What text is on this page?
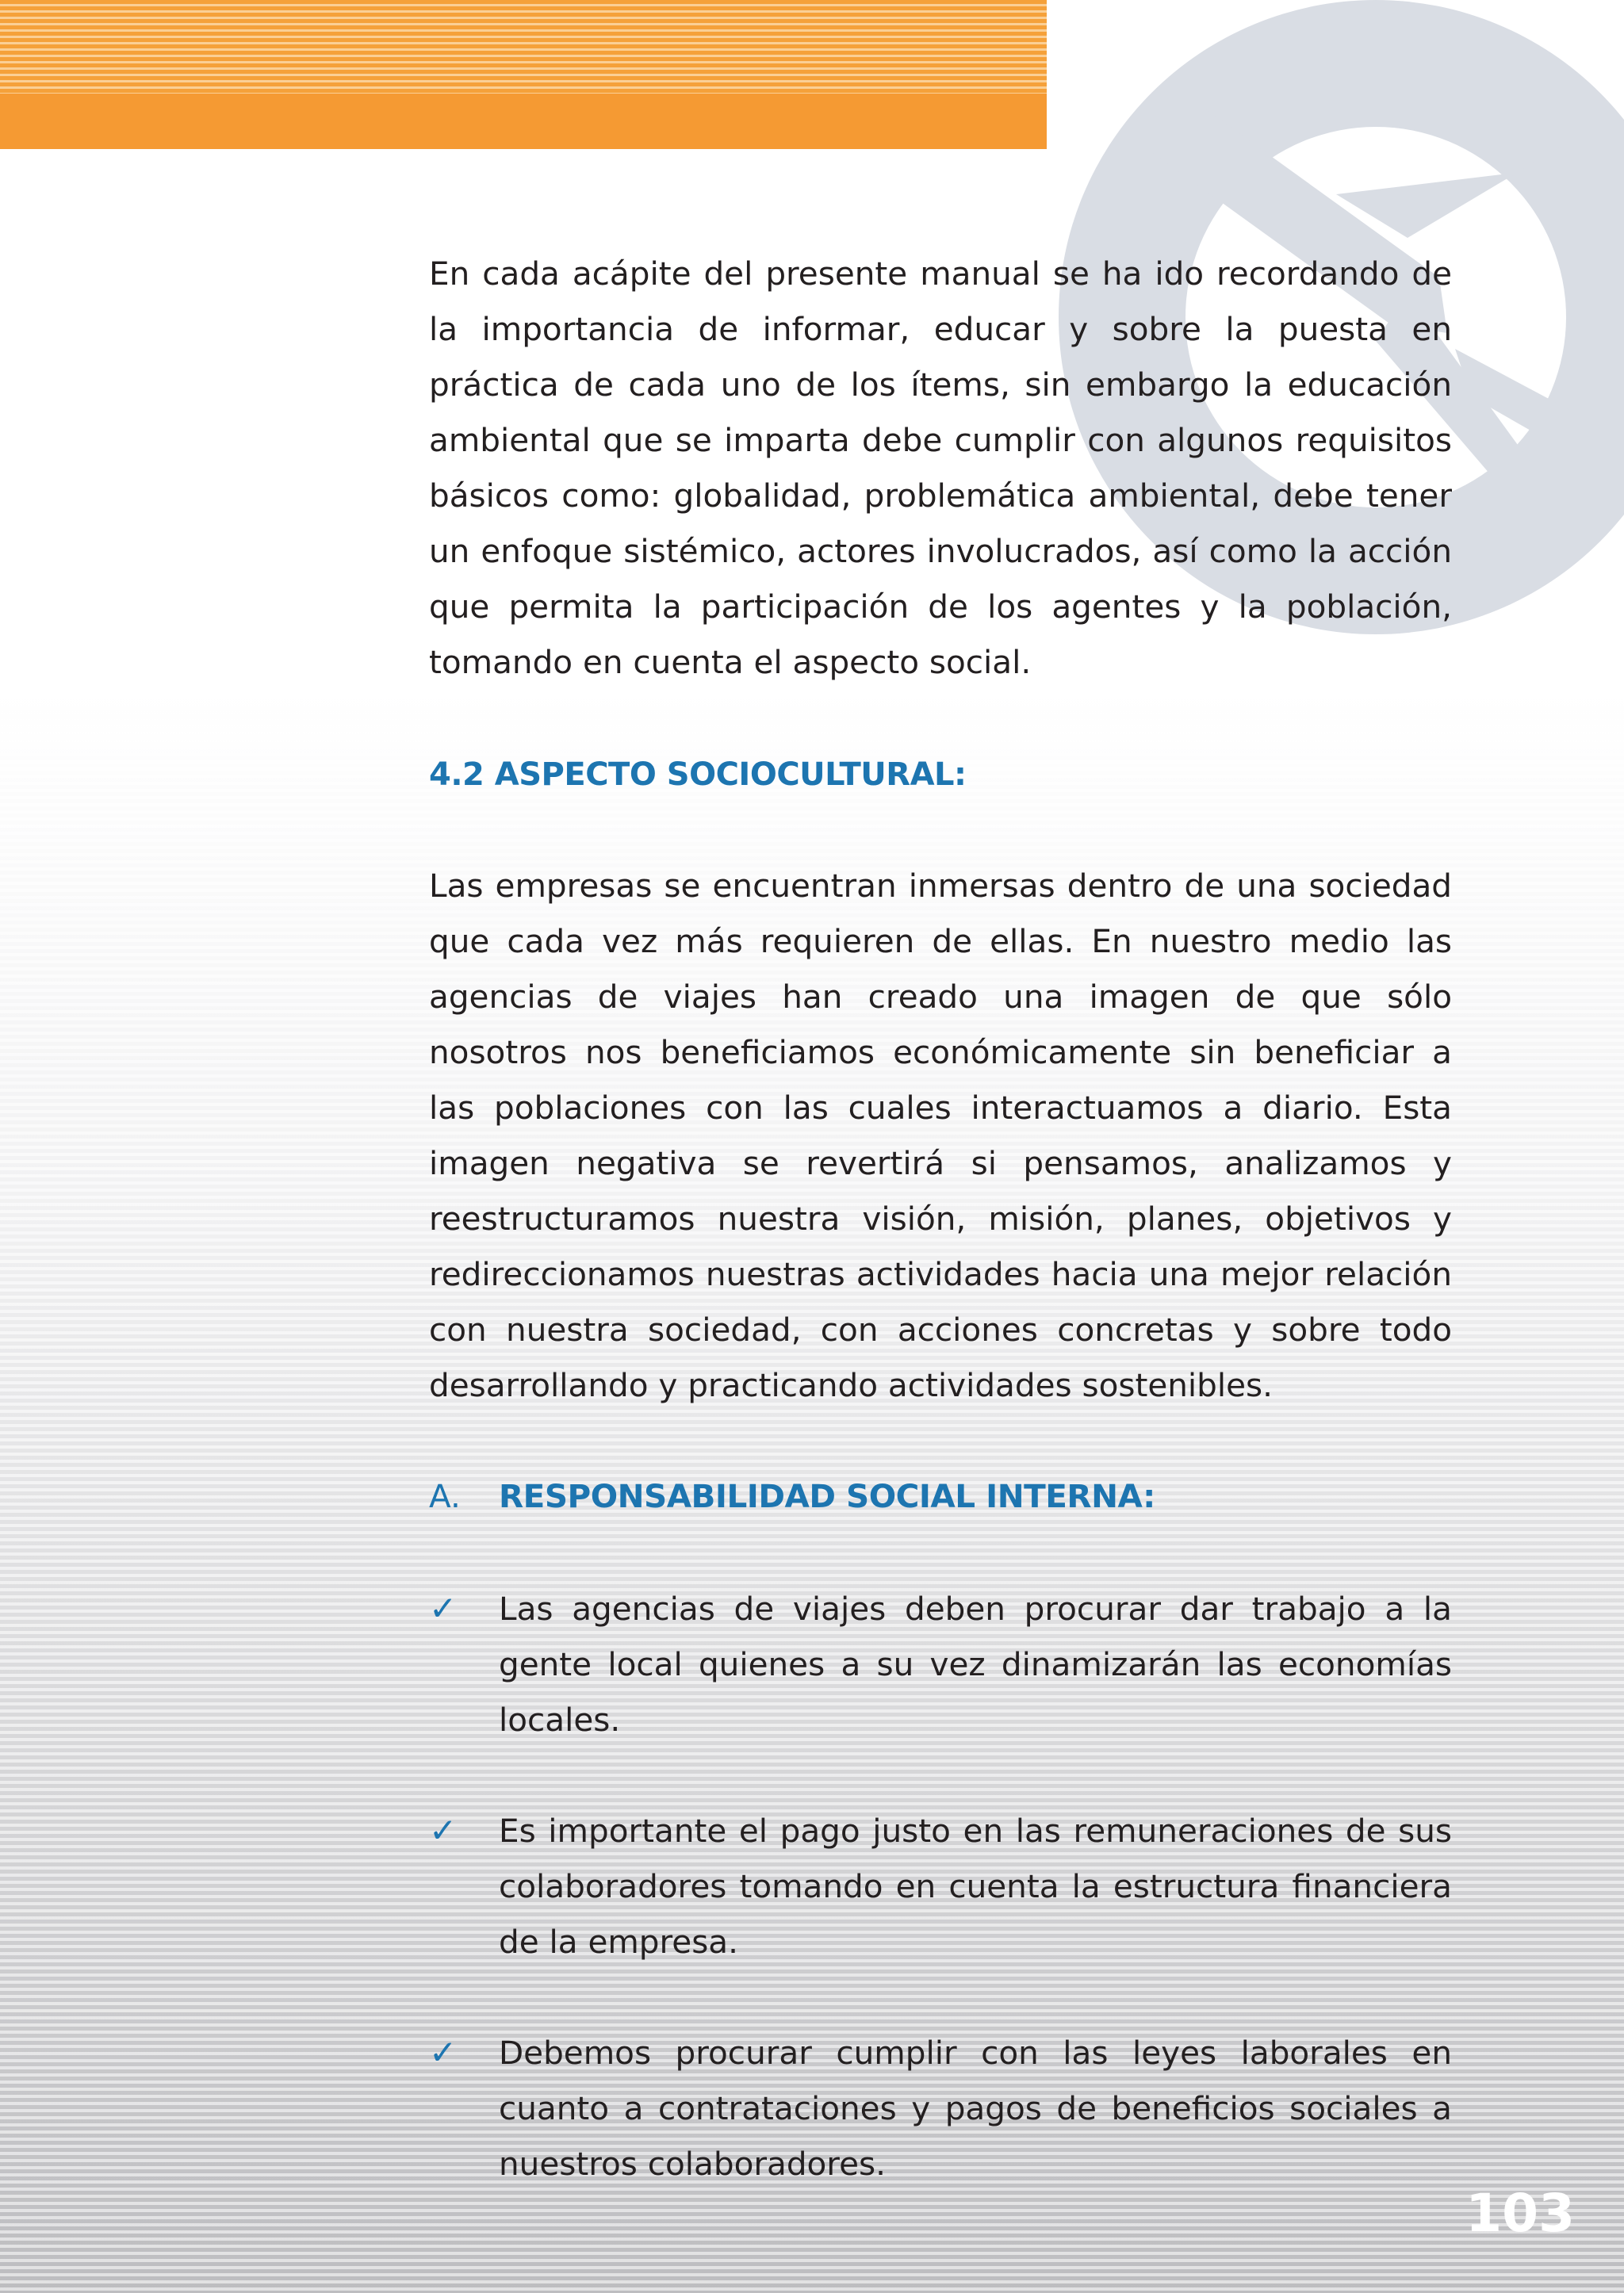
En cada acápite del presente manual se ha ido recordando de la importancia de informar, educar y sobre la puesta en práctica de cada uno de los ítems, sin embargo la educación ambiental que se imparta debe cumplir con algunos requisitos básicos como: globalidad, problemática ambiental, debe tener un enfoque sistémico, actores involucrados, así como la acción que permita la participación de los agentes y la población, tomando en cuenta el aspecto social.

4.2 ASPECTO SOCIOCULTURAL:

Las empresas se encuentran inmersas dentro de una sociedad que cada vez más requieren de ellas. En nuestro medio las agencias de viajes han creado una imagen de que sólo nosotros nos beneficiamos económicamente sin beneficiar a las poblaciones con las cuales interactuamos a diario. Esta imagen negativa se revertirá si pensamos, analizamos y reestructuramos nuestra visión, misión, planes, objetivos y redireccionamos nuestras actividades hacia una mejor relación con nuestra sociedad, con acciones concretas y sobre todo desarrollando y practicando actividades sostenibles.

A.	RESPONSABILIDAD SOCIAL INTERNA:
✓	Las agencias de viajes deben procurar dar trabajo a la gente local quienes a su vez dinamizarán las economías locales.
✓	Es importante el pago justo en las remuneraciones de sus colaboradores tomando en cuenta la estructura financiera de la empresa.
✓	Debemos procurar cumplir con las leyes laborales en cuanto a contrataciones y pagos de beneficios sociales a nuestros colaboradores.
103
